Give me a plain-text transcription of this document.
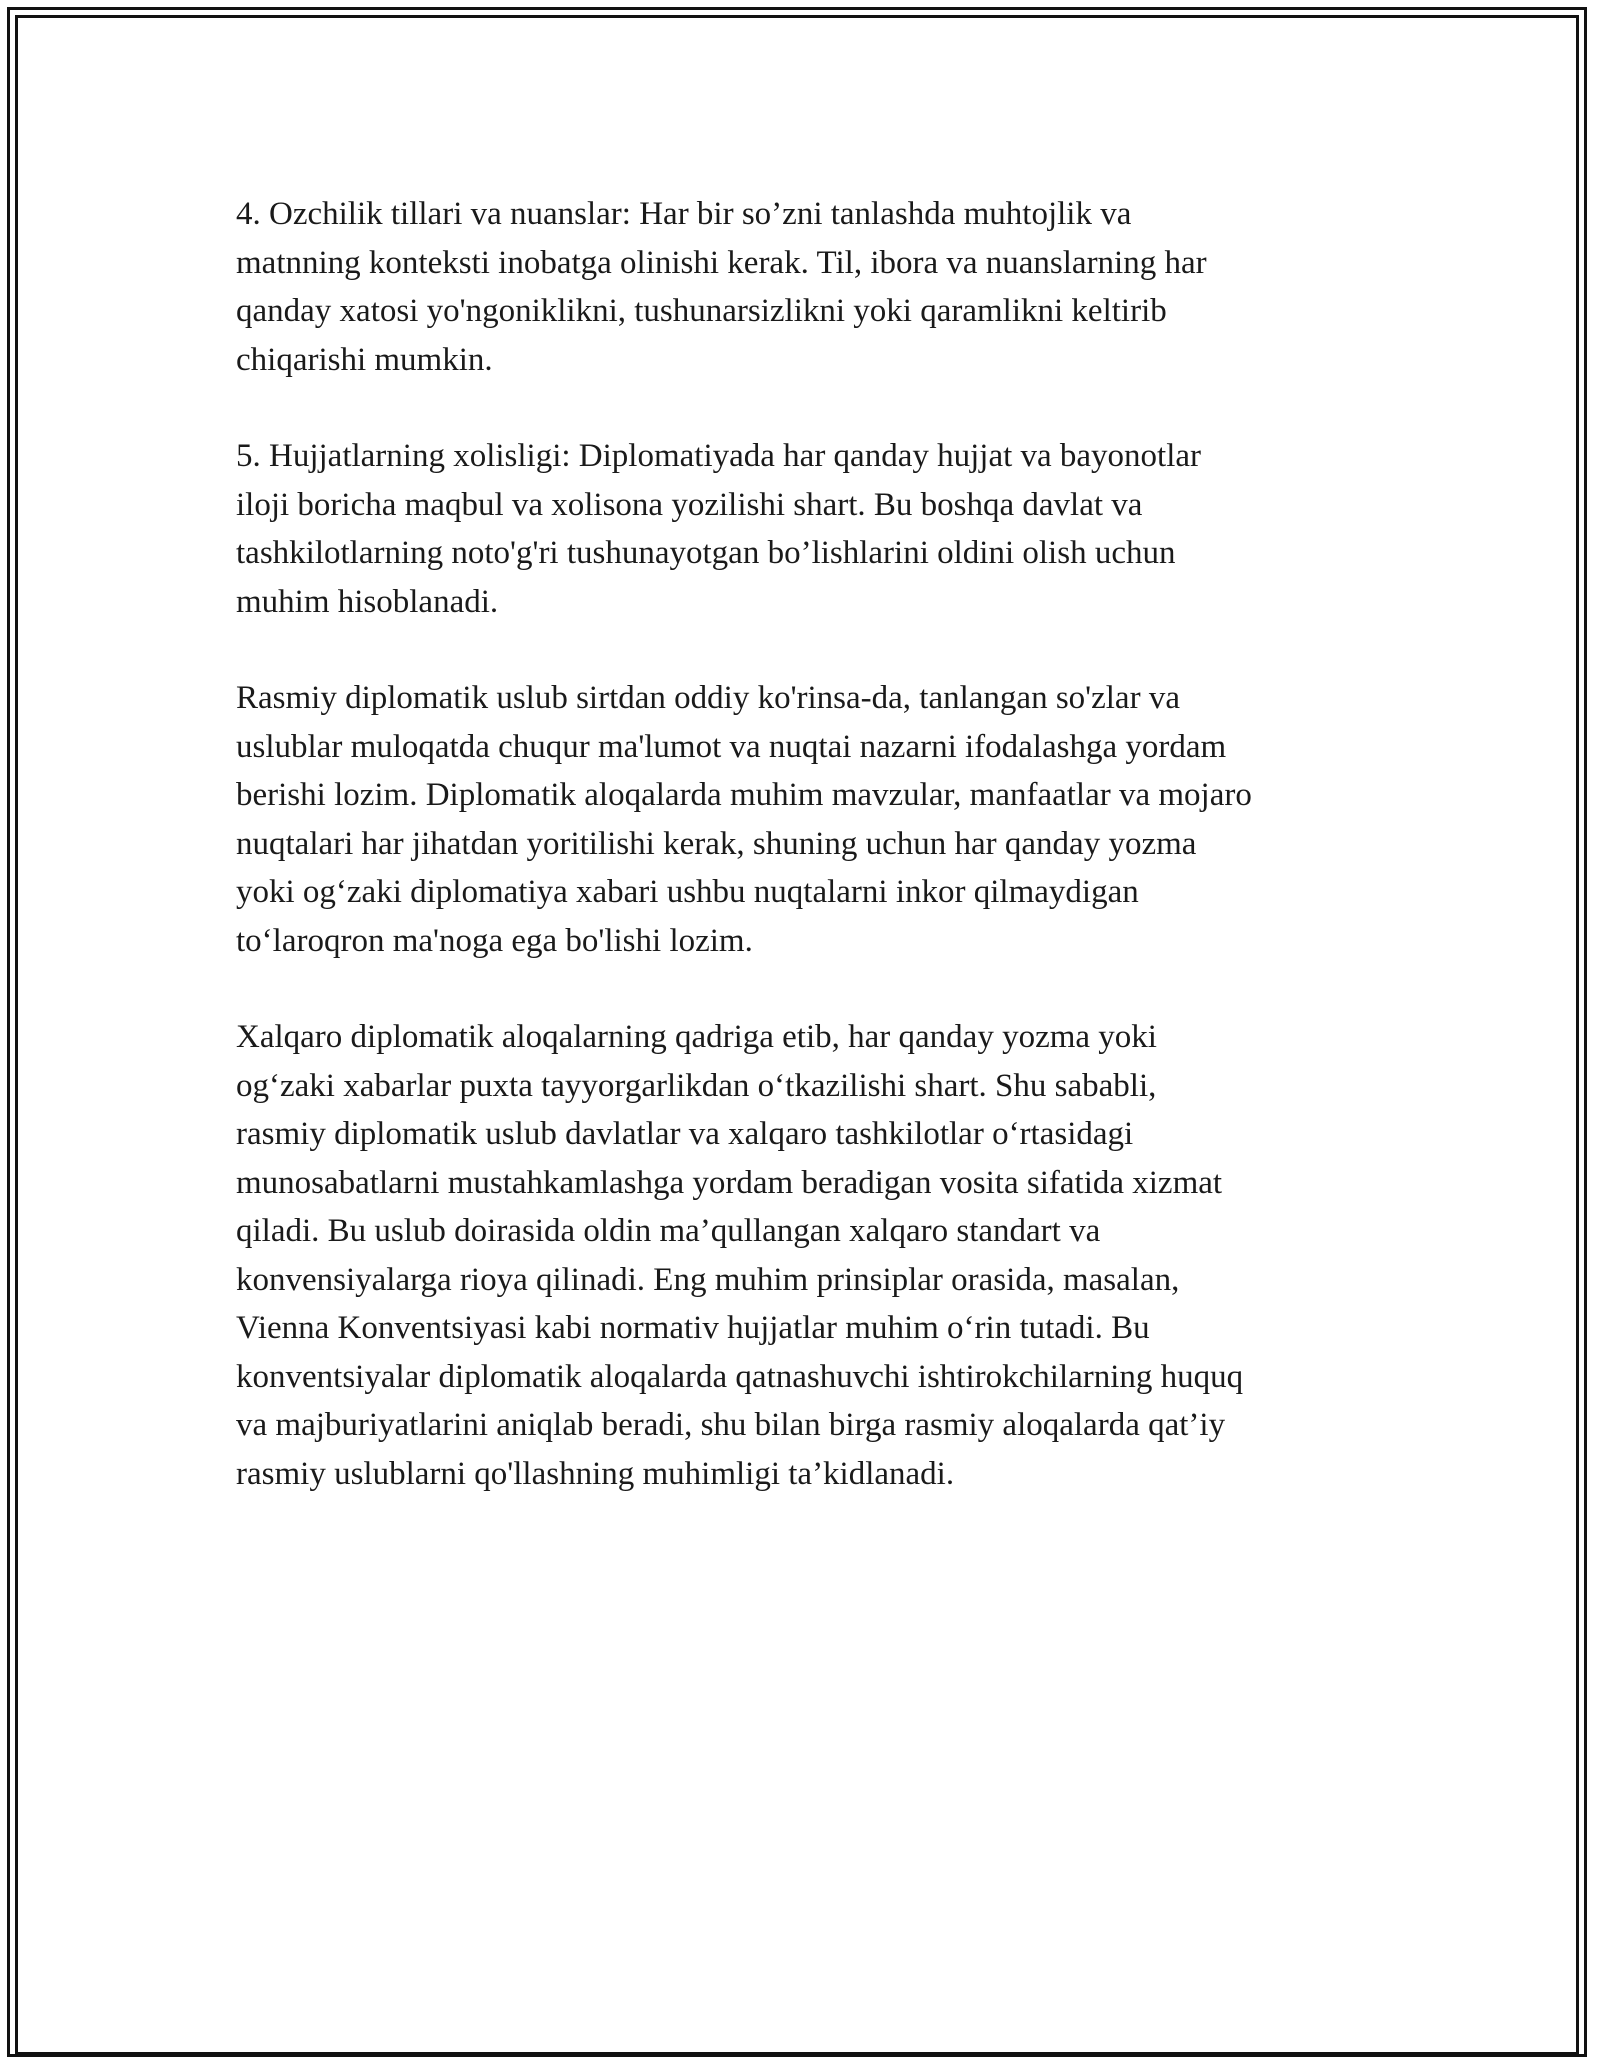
4. Ozchilik tillari va nuanslar: Har bir so’zni tanlashda muhtojlik va
matnning konteksti inobatga olinishi kerak. Til, ibora va nuanslarning har
qanday xatosi yo'ngoniklikni, tushunarsizlikni yoki qaramlikni keltirib
chiqarishi mumkin.

5. Hujjatlarning xolisligi: Diplomatiyada har qanday hujjat va bayonotlar
iloji boricha maqbul va xolisona yozilishi shart. Bu boshqa davlat va
tashkilotlarning noto'g'ri tushunayotgan bo’lishlarini oldini olish uchun
muhim hisoblanadi.

Rasmiy diplomatik uslub sirtdan oddiy ko'rinsa-da, tanlangan so'zlar va
uslublar muloqatda chuqur ma'lumot va nuqtai nazarni ifodalashga yordam
berishi lozim. Diplomatik aloqalarda muhim mavzular, manfaatlar va mojaro
nuqtalari har jihatdan yoritilishi kerak, shuning uchun har qanday yozma
yoki og‘zaki diplomatiya xabari ushbu nuqtalarni inkor qilmaydigan
to‘laroqron ma'noga ega bo'lishi lozim.

Xalqaro diplomatik aloqalarning qadriga etib, har qanday yozma yoki
og‘zaki xabarlar puxta tayyorgarlikdan o‘tkazilishi shart. Shu sababli,
rasmiy diplomatik uslub davlatlar va xalqaro tashkilotlar o‘rtasidagi
munosabatlarni mustahkamlashga yordam beradigan vosita sifatida xizmat
qiladi. Bu uslub doirasida oldin ma’qullangan xalqaro standart va
konvensiyalarga rioya qilinadi. Eng muhim prinsiplar orasida, masalan,
Vienna Konventsiyasi kabi normativ hujjatlar muhim o‘rin tutadi. Bu
konventsiyalar diplomatik aloqalarda qatnashuvchi ishtirokchilarning huquq
va majburiyatlarini aniqlab beradi, shu bilan birga rasmiy aloqalarda qat’iy
rasmiy uslublarni qo'llashning muhimligi ta’kidlanadi.
